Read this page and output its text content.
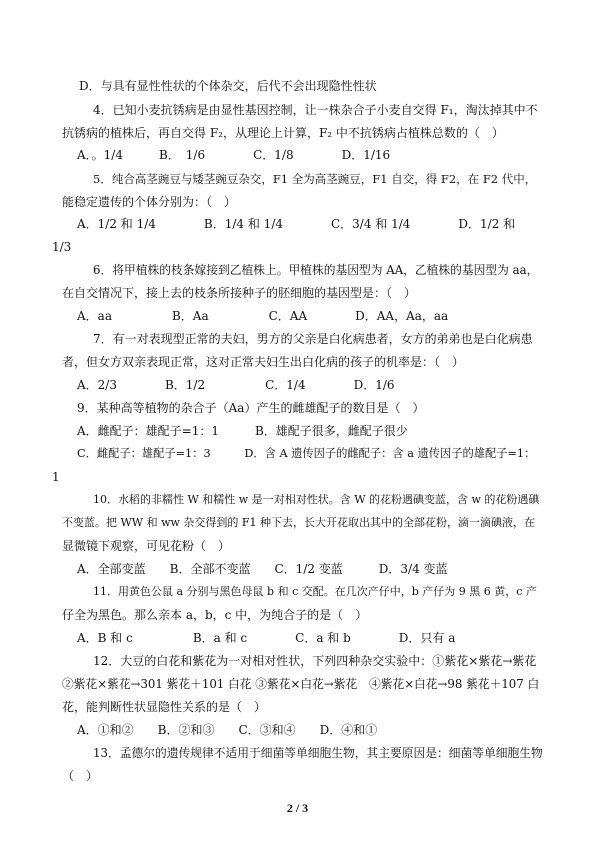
D．与具有显性性状的个体杂交，后代不会出现隐性性状
4．已知小麦抗锈病是由显性基因控制，让一株杂合子小麦自交得 F₁，淘汰掉其中不
抗锈病的植株后，再自交得 F₂，从理论上计算，F₂ 中不抗锈病占植株总数的（　）
A．。1/4　　　B．　1/6　　　　C．1/8　　　　D．1/16
5．纯合高茎豌豆与矮茎豌豆杂交，F1 全为高茎豌豆，F1 自交，得 F2，在 F2 代中，
能稳定遗传的个体分别为：（　）
A．1/2 和 1/4　　　　B．1/4 和 1/4　　　　C．3/4 和 1/4　　　　D．1/2 和
1/3
6．将甲植株的枝条嫁接到乙植株上。甲植株的基因型为 AA，乙植株的基因型为 aa，
在自交情况下，接上去的枝条所接种子的胚细胞的基因型是：（　）
A．aa　　　　　B．Aa　　　　　C．AA　　　　D．AA，Aa，aa
7．有一对表现型正常的夫妇，男方的父亲是白化病患者，女方的弟弟也是白化病患
者，但女方双亲表现正常，这对正常夫妇生出白化病的孩子的机率是：（　）
A．2/3　　　　B．1/2　　　　　C．1/4　　　　D．1/6
9．某种高等植物的杂合子（Aa）产生的雌雄配子的数目是（　）
A．雌配子：雄配子=1：1　　　B．雄配子很多，雌配子很少
C．雌配子：雄配子=1：3　　　D．含 A 遗传因子的雌配子：含 a 遗传因子的雄配子=1：
1
10．水稻的非糯性 W 和糯性 w 是一对相对性状。含 W 的花粉遇碘变蓝，含 w 的花粉遇碘
不变蓝。把 WW 和 ww 杂交得到的 F1 种下去，长大开花取出其中的全部花粉，滴一滴碘液，在
显微镜下观察，可见花粉（　）
A．全部变蓝　　B．全部不变蓝　　C．1/2 变蓝　　　D．3/4 变蓝
11．用黄色公鼠 a 分别与黑色母鼠 b 和 c 交配。在几次产仔中，b 产仔为 9 黑 6 黄，c 产
仔全为黑色。那么亲本 a，b，c 中，为纯合子的是（　）
A．B 和 c　　　　　B．a 和 c　　　　C．a 和 b　　　　D．只有 a
12．大豆的白花和紫花为一对相对性状，下列四种杂交实验中：①紫花×紫花→紫花
②紫花×紫花→301 紫花＋101 白花 ③紫花×白花→紫花　④紫花×白花→98 紫花＋107 白
花，能判断性状显隐性关系的是（　）
A．①和②　　B．②和③　　C．③和④　　D．④和①
13．孟德尔的遗传规律不适用于细菌等单细胞生物，其主要原因是：细菌等单细胞生物
（　）
2 / 3
